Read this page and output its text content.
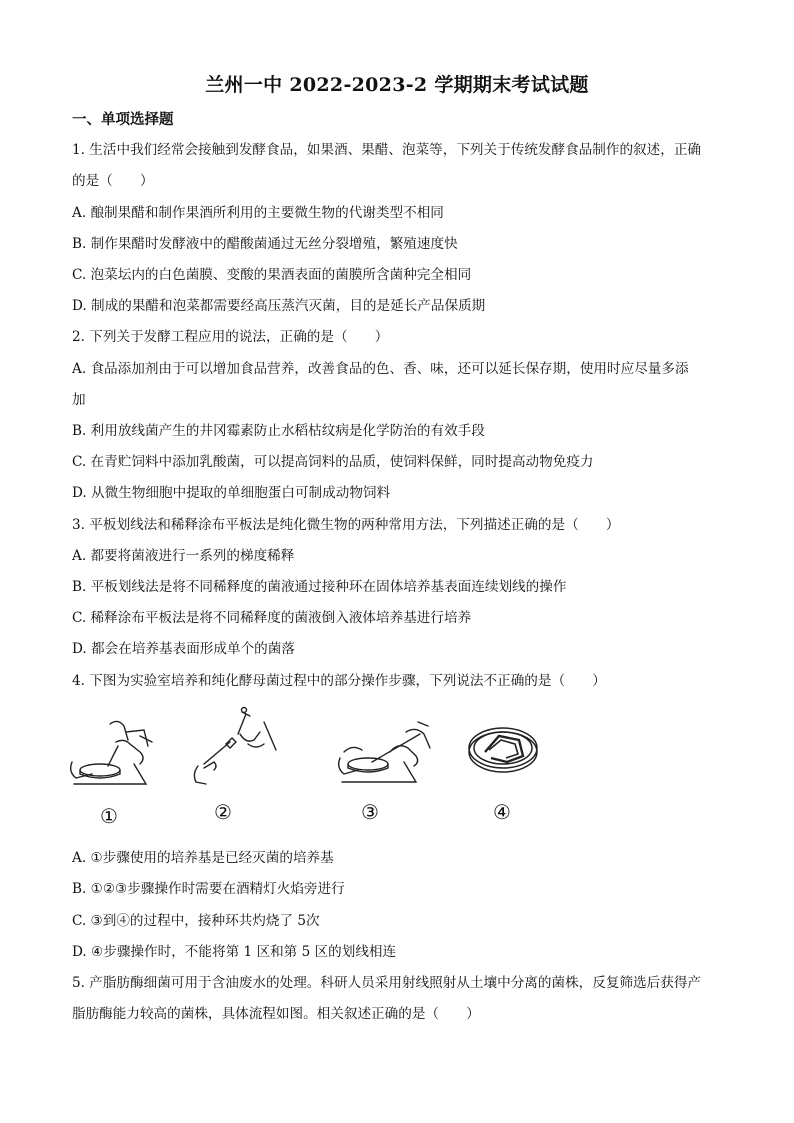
兰州一中 2022-2023-2 学期期末考试试题
一、单项选择题
1. 生活中我们经常会接触到发酵食品，如果酒、果醋、泡菜等，下列关于传统发酵食品制作的叙述，正确
的是（　　）
A. 酿制果醋和制作果酒所利用的主要微生物的代谢类型不相同
B. 制作果醋时发酵液中的醋酸菌通过无丝分裂增殖，繁殖速度快
C. 泡菜坛内的白色菌膜、变酸的果酒表面的菌膜所含菌种完全相同
D. 制成的果醋和泡菜都需要经高压蒸汽灭菌，目的是延长产品保质期
2. 下列关于发酵工程应用的说法，正确的是（　　）
A. 食品添加剂由于可以增加食品营养，改善食品的色、香、味，还可以延长保存期，使用时应尽量多添
加
B. 利用放线菌产生的井冈霉素防止水稻枯纹病是化学防治的有效手段
C. 在青贮饲料中添加乳酸菌，可以提高饲料的品质，使饲料保鲜，同时提高动物免疫力
D. 从微生物细胞中提取的单细胞蛋白可制成动物饲料
3. 平板划线法和稀释涂布平板法是纯化微生物的两种常用方法，下列描述正确的是（　　）
A. 都要将菌液进行一系列的梯度稀释
B. 平板划线法是将不同稀释度的菌液通过接种环在固体培养基表面连续划线的操作
C. 稀释涂布平板法是将不同稀释度的菌液倒入液体培养基进行培养
D. 都会在培养基表面形成单个的菌落
4. 下图为实验室培养和纯化酵母菌过程中的部分操作步骤，下列说法不正确的是（　　）
①	②	③	④
A. ①步骤使用的培养基是已经灭菌的培养基
B. ①②③步骤操作时需要在酒精灯火焰旁进行
C. ③到④的过程中，接种环共灼烧了 5次
D. ④步骤操作时，不能将第 1 区和第 5 区的划线相连
5. 产脂肪酶细菌可用于含油废水的处理。科研人员采用射线照射从土壤中分离的菌株，反复筛选后获得产
脂肪酶能力较高的菌株，具体流程如图。相关叙述正确的是（　　）
